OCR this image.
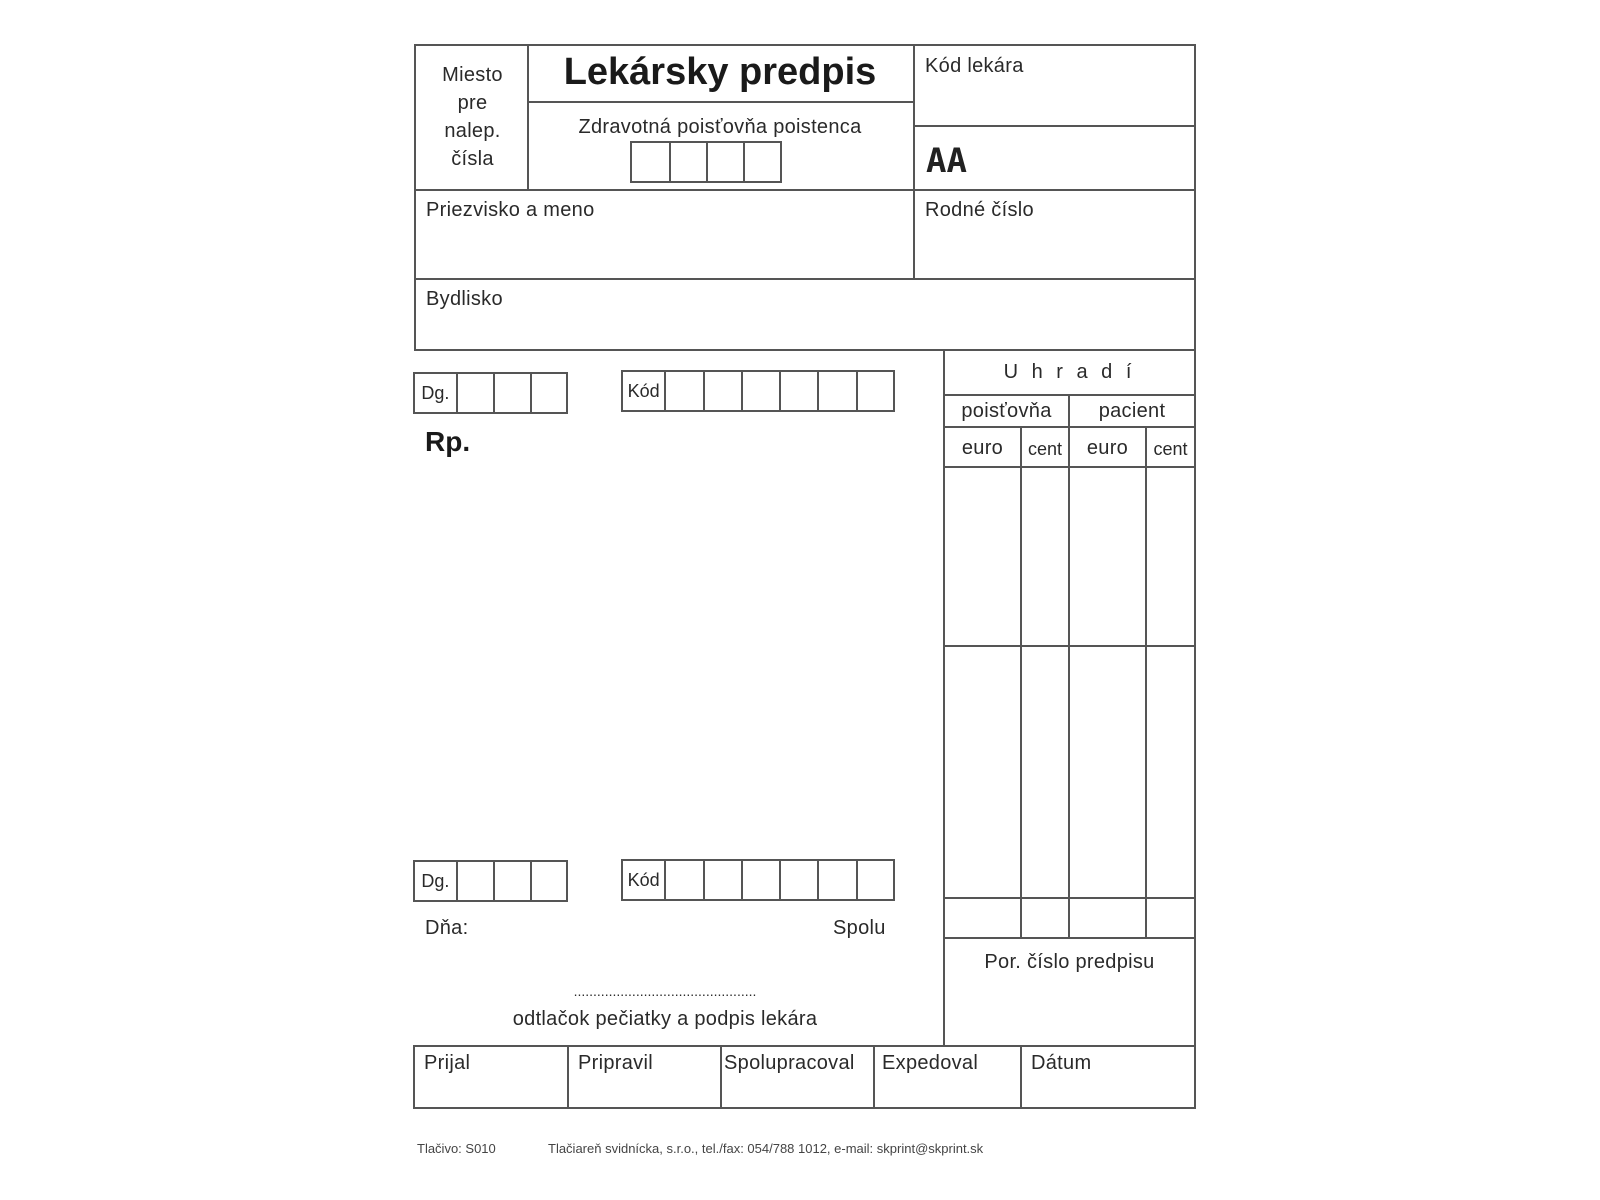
Miesto
pre
nalep.
čísla
Lekársky predpis
Zdravotná poisťovňa poistenca
Kód lekára
AA
Priezvisko a meno	Rodné číslo
Bydlisko
U h r a d í
poisťovňa	pacient
euro	cent	euro	cent
Por. číslo predpisu
Dg.	Kód
Rp.
Dg.	Kód
Dňa:	Spolu
...............................................
odtlačok pečiatky a podpis lekára
Prijal	Pripravil	Spolupracoval Expedoval	Dátum
Tlačivo: S010	Tlačiareň svidnícka, s.r.o., tel./fax: 054/788 1012, e-mail: skprint@skprint.sk
